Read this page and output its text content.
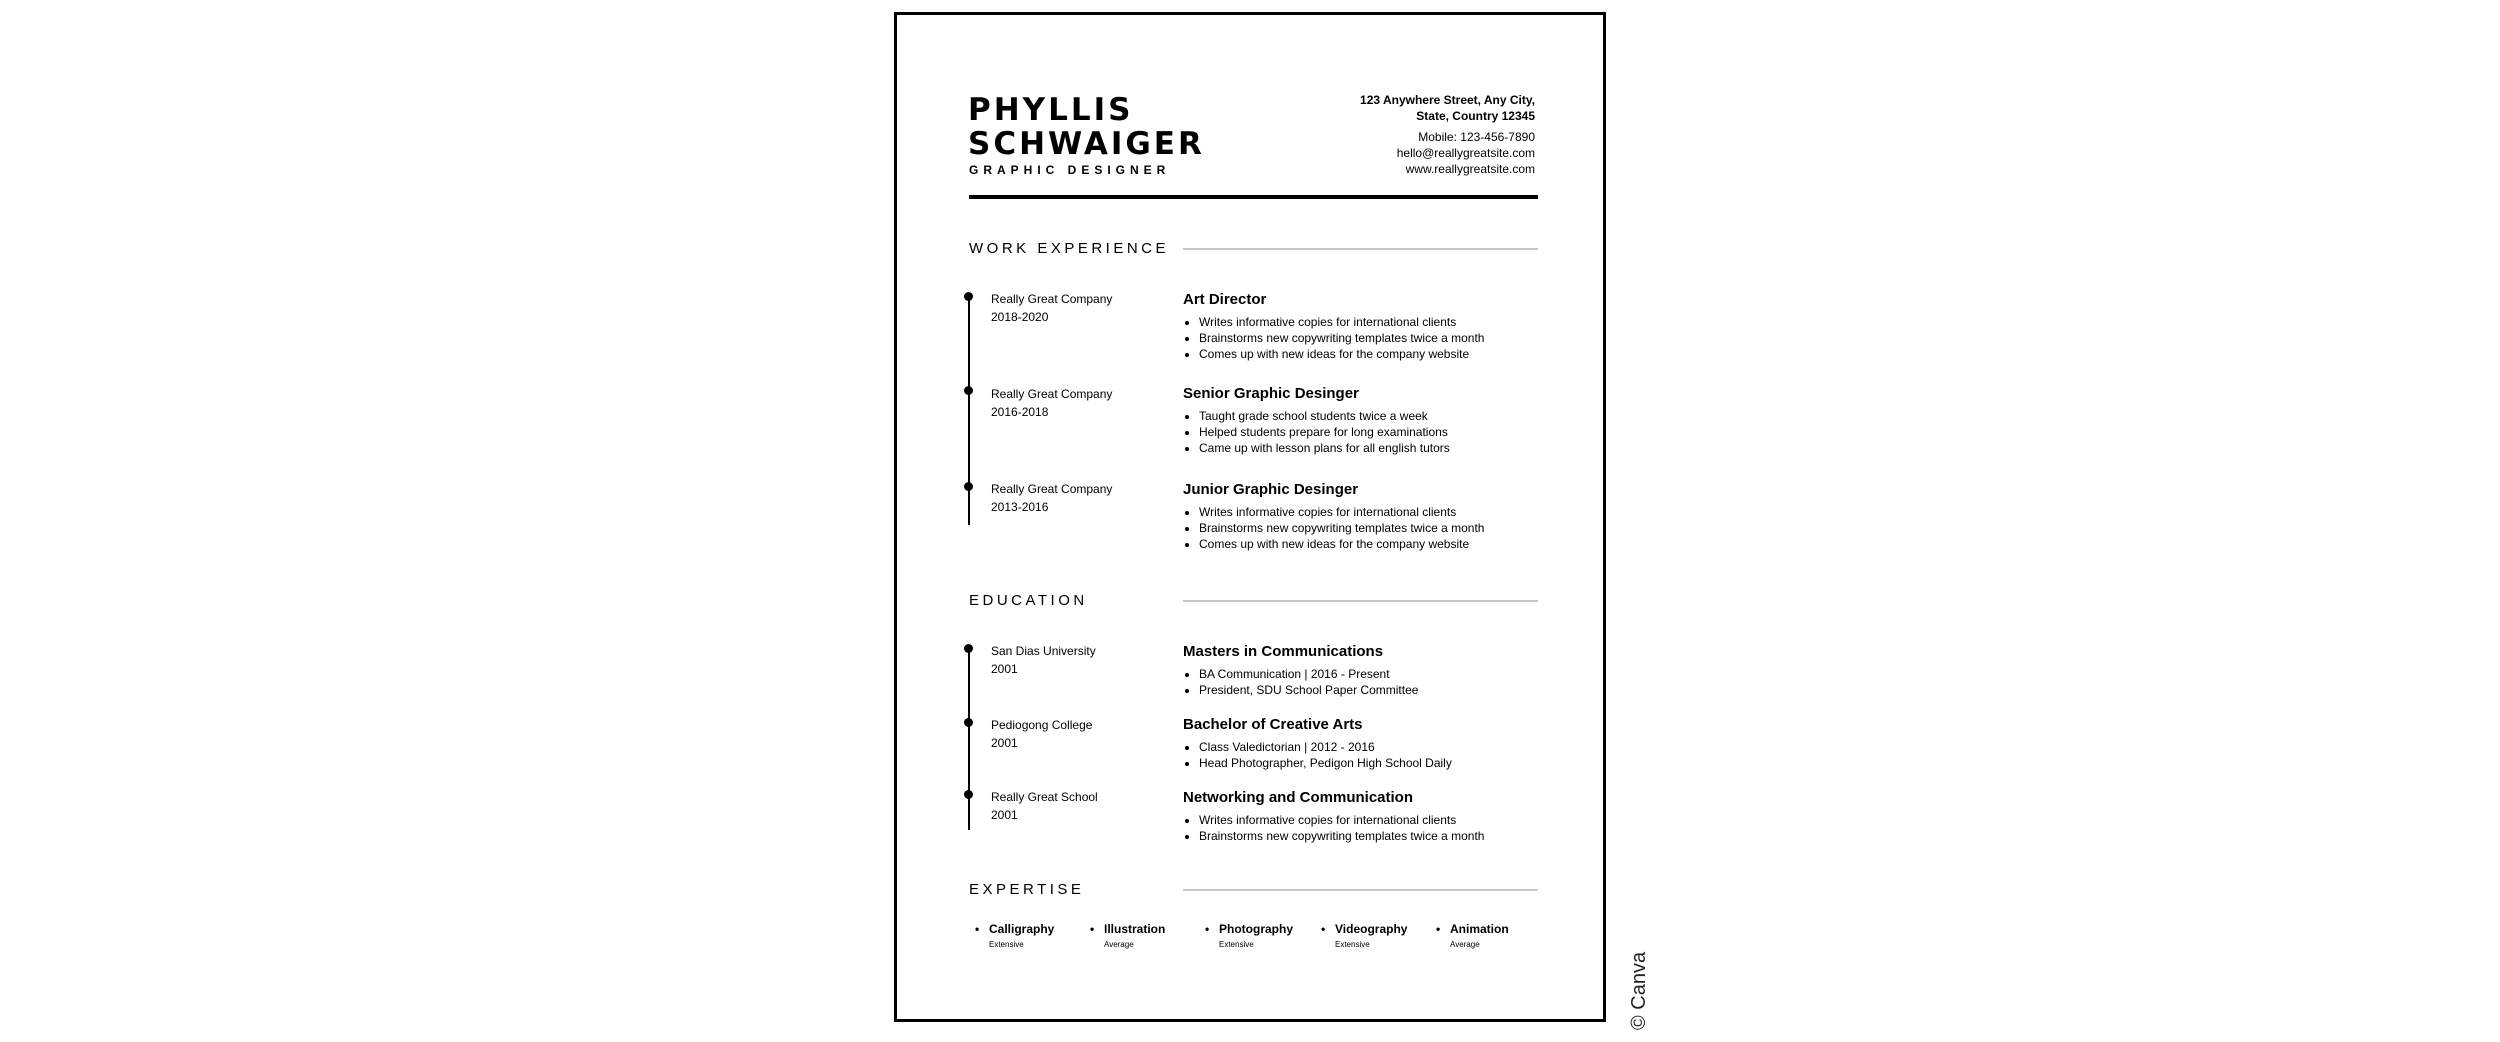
PHYLLIS
SCHWAIGER
GRAPHIC DESIGNER
123 Anywhere Street, Any City,
State, Country 12345
Mobile: 123-456-7890
hello@reallygreatsite.com
www.reallygreatsite.com
WORK EXPERIENCE
Really Great Company
2018-2020
Art Director
• Writes informative copies for international clients
• Brainstorms new copywriting templates twice a month
• Comes up with new ideas for the company website
Really Great Company
2016-2018
Senior Graphic Desinger
• Taught grade school students twice a week
• Helped students prepare for long examinations
• Came up with lesson plans for all english tutors
Really Great Company
2013-2016
Junior Graphic Desinger
• Writes informative copies for international clients
• Brainstorms new copywriting templates twice a month
• Comes up with new ideas for the company website
EDUCATION
San Dias University
2001
Masters in Communications
• BA Communication | 2016 - Present
• President, SDU School Paper Committee
Pediogong College
2001
Bachelor of Creative Arts
• Class Valedictorian | 2012 - 2016
• Head Photographer, Pedigon High School Daily
Really Great School
2001
Networking and Communication
• Writes informative copies for international clients
• Brainstorms new copywriting templates twice a month
EXPERTISE
• Calligraphy
Extensive
• Illustration
Average
• Photography
Extensive
• Videography
Extensive
• Animation
Average
© Canva
